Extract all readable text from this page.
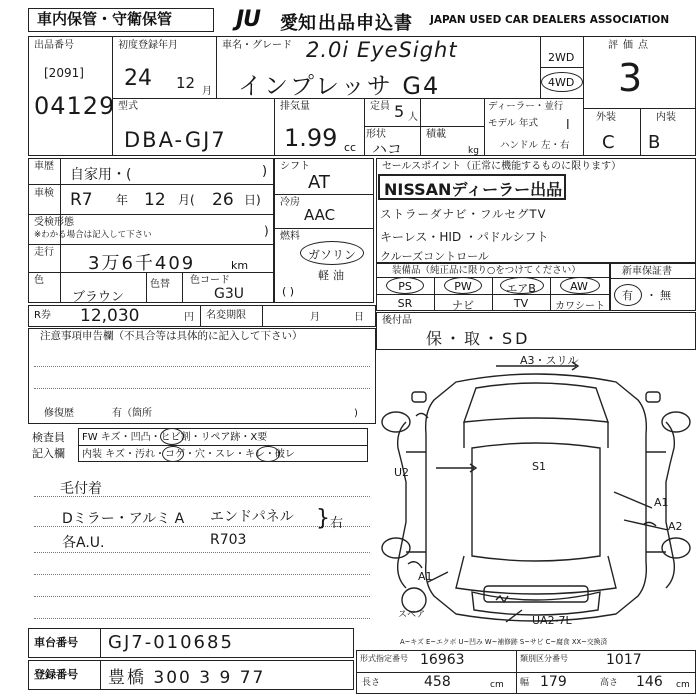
車内保管・守衛保管	JU	愛知 出品申込書 JAPAN USED CAR DEALERS ASSOCIATION
出品番号
[2091]
04129
初度登録年月
24 12 月
車名・グレード 2.0i EyeSight
インプレッサ G4
2WD
4WD
評価点
3
外装	内装
C B
型式
DBA-GJ7
排気量
1.99 cc
定員 5 人
形状
ハコ
積載
kg
ディーラー・並行
モデル 年式 l
ハンドル 左・右
車歴
自家用・(	)
車検 R7 年 12 月( 26 日)
受検形態
※わかる場合は記入して下さい	)
走行
3万6千409	km
色
ブラウン
色替 色コード
G3U
シフト
AT
冷房
AAC
燃料
ガソリン
軽油
( )
セールスポイント（正常に機能するものに限ります）
NISSANディーラー出品
ストラーダナビ・フルセグTV
キーレス・HID ・パドルシフト
クルーズコントロール
装備品（純正品に限り○をつけてください）
PS	PW	エアB	AW
SR	ナビ	TV	カワシート
新車保証書
有 ・ 無
R券 12,030	円 名変期限	月	日
注意事項申告欄（不具合等は具体的に記入して下さい）
修復歴	有（箇所	)
後付品
保・取・SD
検査員
記入欄
FW キズ・凹凸・ヒビ割・リペア跡・X要
内装 キズ・汚れ・コゲ・穴・スレ・キレ・破レ
毛付着
Dミラー・アルミ A エンドパネル
各A.U.	R703
右
}
A3・スリル
S1
U2
A1
A2
A1
UA2-7L
スペア
A~キズ E~エクボ U~凹み W~補修跡 S~サビ C~腐食 XX~交換済
車台番号 GJ7-010685
登録番号 豊橋 300 3 9 77
形式指定番号 16963	類別区分番号	1017
長さ	458	cm 幅 179	高さ 146 cm
